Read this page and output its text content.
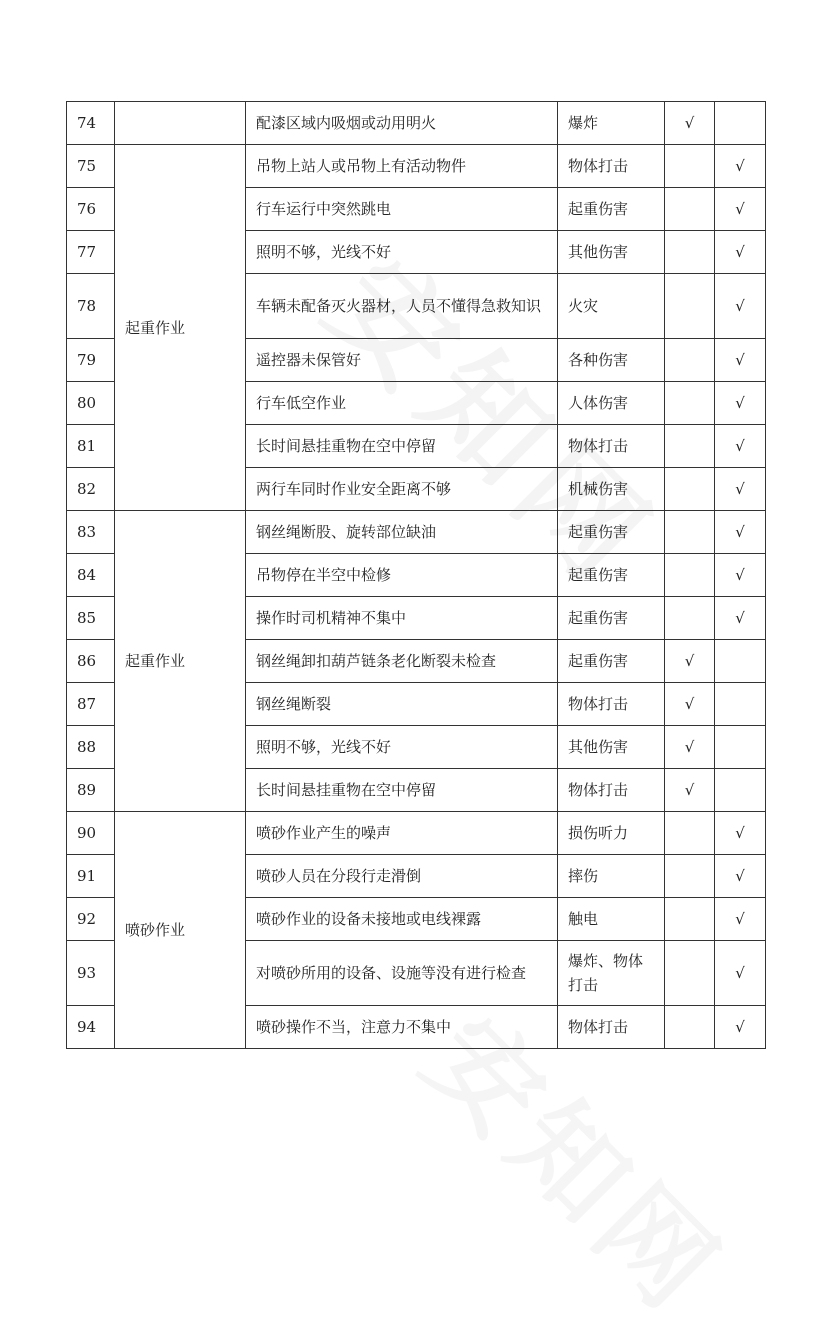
74		配漆区域内吸烟或动用明火	爆炸	√	
75	起重作业	吊物上站人或吊物上有活动物件	物体打击		√
76		行车运行中突然跳电	起重伤害		√
77		照明不够，光线不好	其他伤害		√
78		车辆未配备灭火器材，人员不懂得急救知识	火灾		√
79		遥控器未保管好	各种伤害		√
80		行车低空作业	人体伤害		√
81		长时间悬挂重物在空中停留	物体打击		√
82		两行车同时作业安全距离不够	机械伤害		√
83	起重作业	钢丝绳断股、旋转部位缺油	起重伤害		√
84		吊物停在半空中检修	起重伤害		√
85		操作时司机精神不集中	起重伤害		√
86		钢丝绳卸扣葫芦链条老化断裂未检查	起重伤害	√	
87		钢丝绳断裂	物体打击	√	
88		照明不够，光线不好	其他伤害	√	
89		长时间悬挂重物在空中停留	物体打击	√	
90	喷砂作业	喷砂作业产生的噪声	损伤听力		√
91		喷砂人员在分段行走滑倒	摔伤		√
92		喷砂作业的设备未接地或电线裸露	触电		√
93		对喷砂所用的设备、设施等没有进行检查	爆炸、物体打击		√
94		喷砂操作不当，注意力不集中	物体打击		√
